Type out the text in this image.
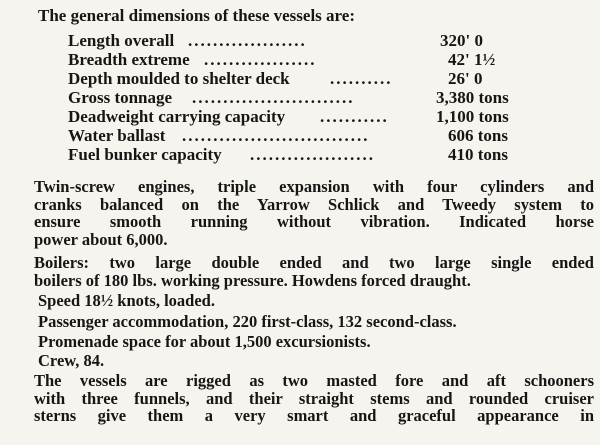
The general dimensions of these vessels are:
Length overall ...................	320' 0
Breadth extreme ..................	42' 1½
Depth moulded to shelter deck ..........	26' 0
Gross tonnage ..........................	3,380 tons
Deadweight carrying capacity ...........	1,100 tons
Water ballast ..............................	606 tons
Fuel bunker capacity ....................	410 tons
Twin-screw engines, triple expansion with four cylinders and
cranks balanced on the Yarrow Schlick and Tweedy system to
ensure smooth running without vibration. Indicated horse
power about 6,000.
Boilers: two large double ended and two large single ended
boilers of 180 lbs. working pressure. Howdens forced draught.
Speed 18½ knots, loaded.
Passenger accommodation, 220 first-class, 132 second-class.
Promenade space for about 1,500 excursionists.
Crew, 84.
The vessels are rigged as two masted fore and aft schooners
with three funnels, and their straight stems and rounded cruiser
sterns give them a very smart and graceful appearance in
